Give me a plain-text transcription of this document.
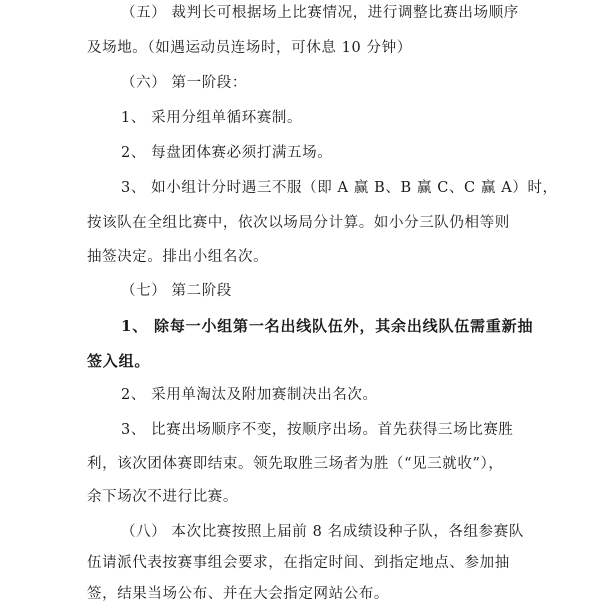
（五） 裁判长可根据场上比赛情况，进行调整比赛出场顺序
及场地。（如遇运动员连场时，可休息 10 分钟）
（六） 第一阶段：
1、 采用分组单循环赛制。
2、 每盘团体赛必须打满五场。
3、 如小组计分时遇三不服（即 A 赢 B、B 赢 C、C 赢 A）时，
按该队在全组比赛中，依次以场局分计算。如小分三队仍相等则
抽签决定。排出小组名次。
（七） 第二阶段
1、 除每一小组第一名出线队伍外，其余出线队伍需重新抽
签入组。
2、 采用单淘汰及附加赛制决出名次。
3、 比赛出场顺序不变，按顺序出场。首先获得三场比赛胜
利，该次团体赛即结束。领先取胜三场者为胜（“见三就收”），
余下场次不进行比赛。
（八） 本次比赛按照上届前 8 名成绩设种子队，各组参赛队
伍请派代表按赛事组会要求，在指定时间、到指定地点、参加抽
签，结果当场公布、并在大会指定网站公布。
